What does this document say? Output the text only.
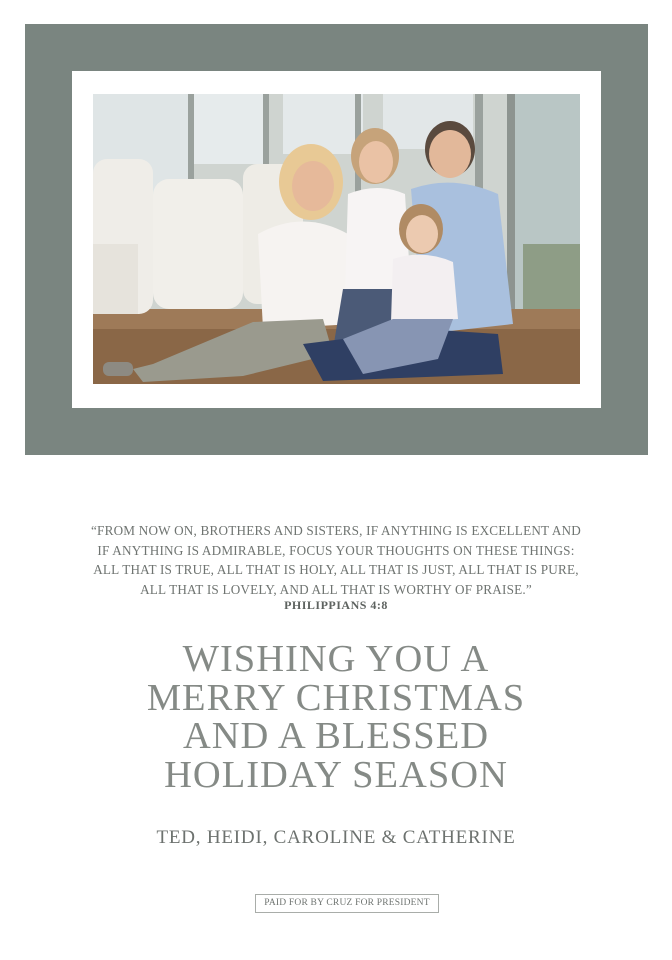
“FROM NOW ON, BROTHERS AND SISTERS, IF ANYTHING IS EXCELLENT AND
IF ANYTHING IS ADMIRABLE, FOCUS YOUR THOUGHTS ON THESE THINGS:
ALL THAT IS TRUE, ALL THAT IS HOLY, ALL THAT IS JUST, ALL THAT IS PURE,
ALL THAT IS LOVELY, AND ALL THAT IS WORTHY OF PRAISE.”
PHILIPPIANS 4:8
WISHING YOU A
MERRY CHRISTMAS
AND A BLESSED
HOLIDAY SEASON
TED, HEIDI, CAROLINE & CATHERINE
PAID FOR BY CRUZ FOR PRESIDENT
